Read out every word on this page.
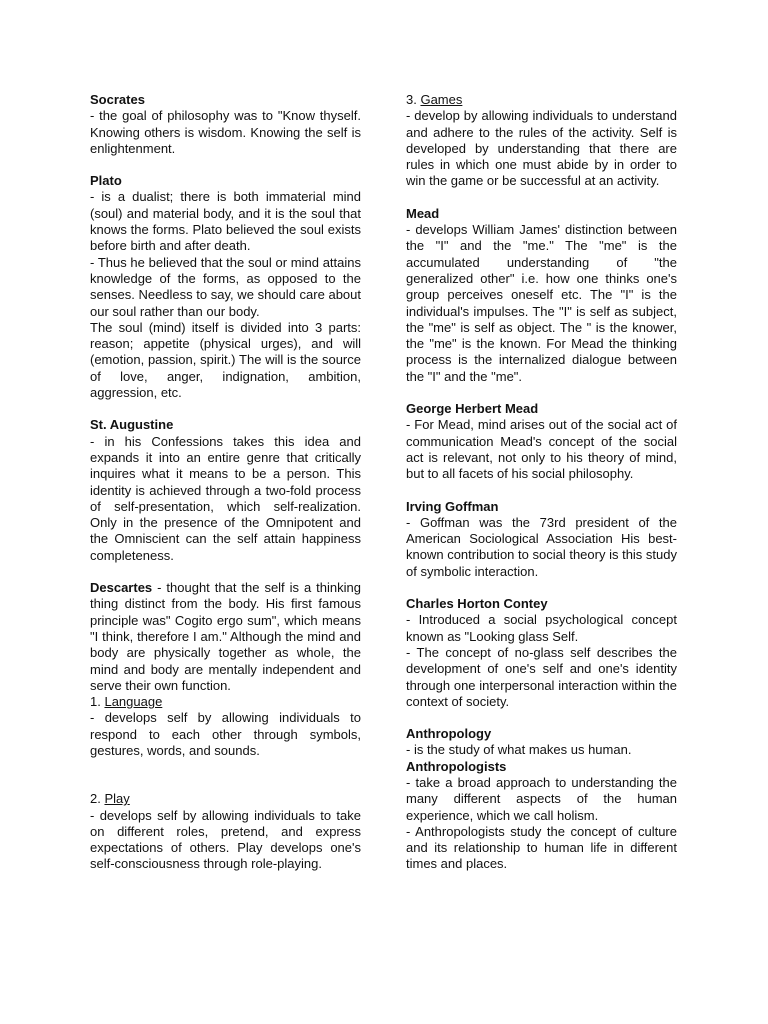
Socrates

- the goal of philosophy was to "Know thyself. Knowing others is wisdom. Knowing the self is enlightenment.

Plato

- is a dualist; there is both immaterial mind (soul) and material body, and it is the soul that knows the forms. Plato believed the soul exists before birth and after death.

- Thus he believed that the soul or mind attains knowledge of the forms, as opposed to the senses. Needless to say, we should care about our soul rather than our body.

The soul (mind) itself is divided into 3 parts: reason; appetite (physical urges), and will (emotion, passion, spirit.) The will is the source of love, anger, indignation, ambition, aggression, etc.

St. Augustine

- in his Confessions takes this idea and expands it into an entire genre that critically inquires what it means to be a person. This identity is achieved through a two-fold process of self-presentation, which self-realization. Only in the presence of the Omnipotent and the Omniscient can the self attain happiness completeness.

Descartes - thought that the self is a thinking thing distinct from the body. His first famous principle was" Cogito ergo sum", which means "I think, therefore I am." Although the mind and body are physically together as whole, the mind and body are mentally independent and serve their own function.

1. Language

- develops self by allowing individuals to respond to each other through symbols, gestures, words, and sounds.

2. Play

- develops self by allowing individuals to take on different roles, pretend, and express expectations of others. Play develops one's self-consciousness through role-playing.

3. Games

- develop by allowing individuals to understand and adhere to the rules of the activity. Self is developed by understanding that there are rules in which one must abide by in order to win the game or be successful at an activity.

Mead

- develops William James' distinction between the "I" and the "me." The "me" is the accumulated understanding of "the generalized other" i.e. how one thinks one's group perceives oneself etc. The "I" is the individual's impulses. The "I" is self as subject, the "me" is self as object. The " is the knower, the "me" is the known. For Mead the thinking process is the internalized dialogue between the "I" and the "me".

George Herbert Mead

- For Mead, mind arises out of the social act of communication Mead's concept of the social act is relevant, not only to his theory of mind, but to all facets of his social philosophy.

Irving Goffman

- Goffman was the 73rd president of the American Sociological Association His best-known contribution to social theory is this study of symbolic interaction.

Charles Horton Contey

- Introduced a social psychological concept known as "Looking glass Self.

- The concept of no-glass self describes the development of one's self and one's identity through one interpersonal interaction within the context of society.

Anthropology

- is the study of what makes us human.

Anthropologists

- take a broad approach to understanding the many different aspects of the human experience, which we call holism.

- Anthropologists study the concept of culture and its relationship to human life in different times and places.
